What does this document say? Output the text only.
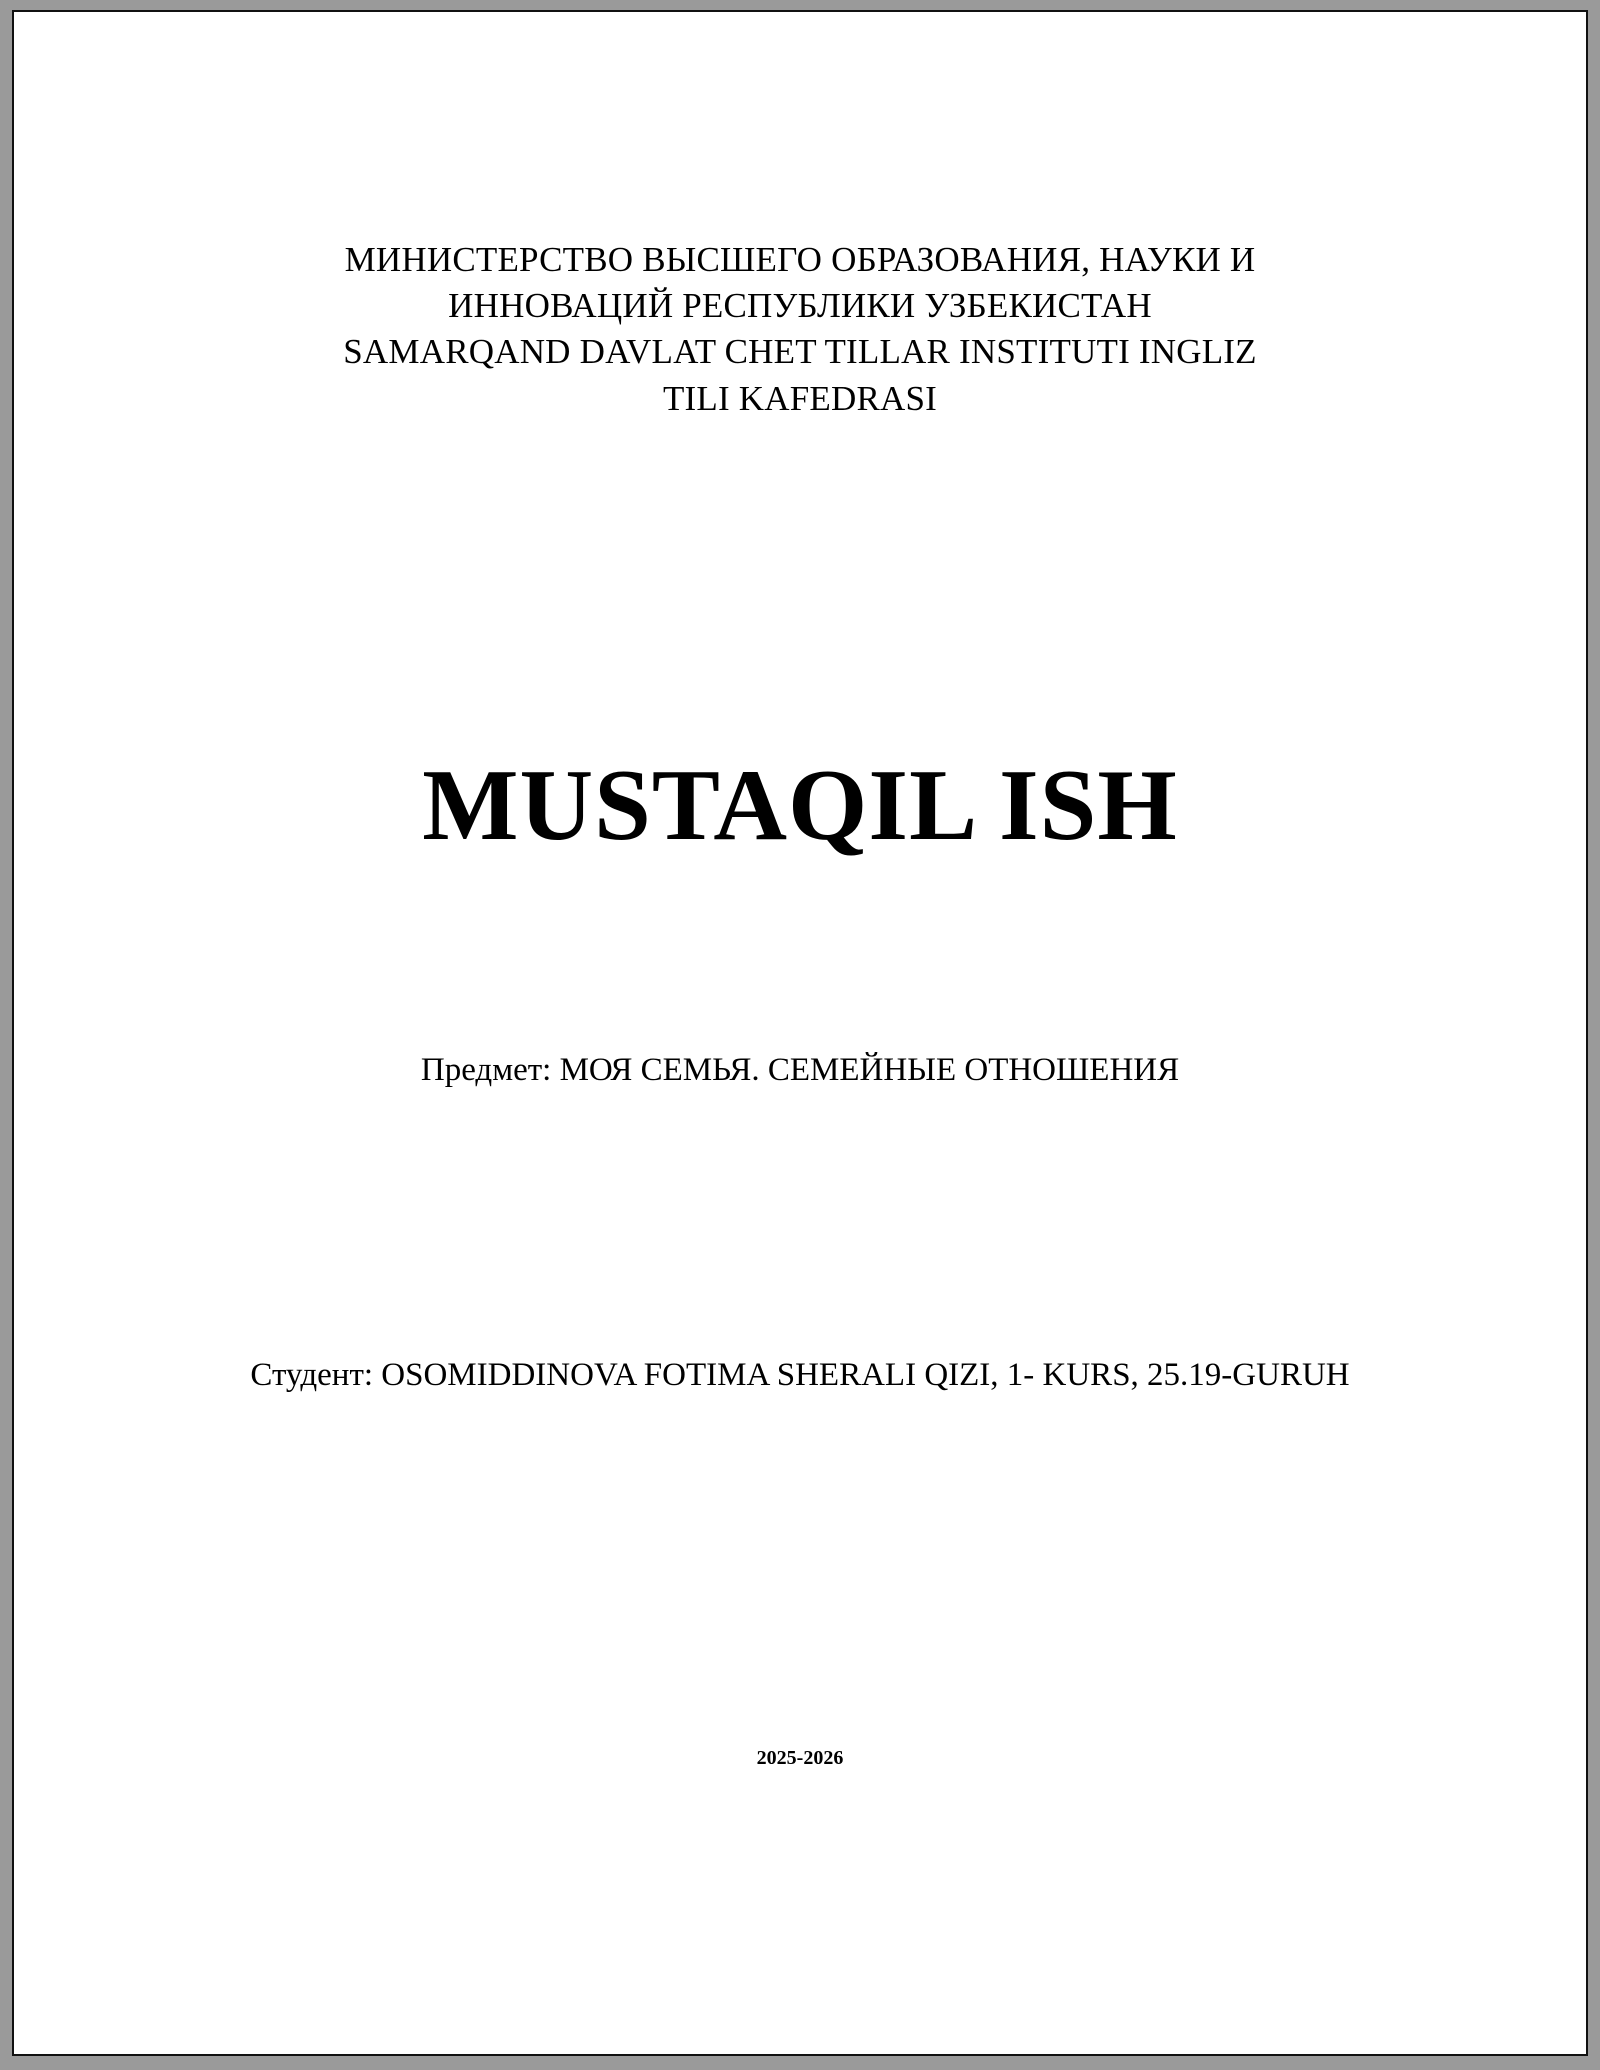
МИНИСТЕРСТВО ВЫСШЕГО ОБРАЗОВАНИЯ, НАУКИ И
ИННОВАЦИЙ РЕСПУБЛИКИ УЗБЕКИСТАН
SAMARQAND DAVLAT CHET TILLAR INSTITUTI INGLIZ
TILI KAFEDRASI
MUSTAQIL ISH
Предмет: МОЯ СЕМЬЯ. СЕМЕЙНЫЕ ОТНОШЕНИЯ
Студент: OSOMIDDINOVA FOTIMA SHERALI QIZI, 1- KURS, 25.19-GURUH
2025-2026
